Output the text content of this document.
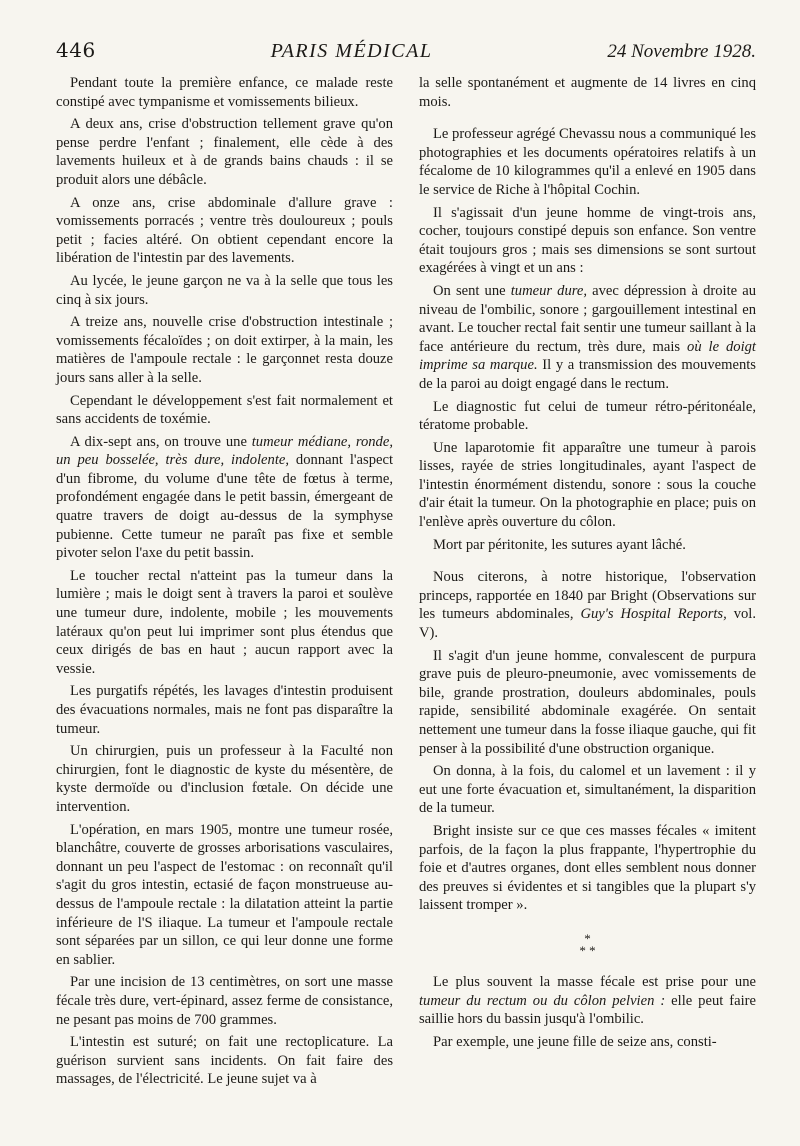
446	PARIS MÉDICAL	24 Novembre 1928.

Pendant toute la première enfance, ce malade reste constipé avec tympanisme et vomissements bilieux.

A deux ans, crise d'obstruction tellement grave qu'on pense perdre l'enfant ; finalement, elle cède à des lavements huileux et à de grands bains chauds : il se produit alors une débâcle.

A onze ans, crise abdominale d'allure grave : vomissements porracés ; ventre très douloureux ; pouls petit ; facies altéré. On obtient cependant encore la libération de l'intestin par des lavements.

Au lycée, le jeune garçon ne va à la selle que tous les cinq à six jours.

A treize ans, nouvelle crise d'obstruction intestinale ; vomissements fécaloïdes ; on doit extirper, à la main, les matières de l'ampoule rectale : le garçonnet resta douze jours sans aller à la selle.

Cependant le développement s'est fait normalement et sans accidents de toxémie.

A dix-sept ans, on trouve une tumeur médiane, ronde, un peu bosselée, très dure, indolente, donnant l'aspect d'un fibrome, du volume d'une tête de fœtus à terme, profondément engagée dans le petit bassin, émergeant de quatre travers de doigt au-dessus de la symphyse pubienne. Cette tumeur ne paraît pas fixe et semble pivoter selon l'axe du petit bassin.

Le toucher rectal n'atteint pas la tumeur dans la lumière ; mais le doigt sent à travers la paroi et soulève une tumeur dure, indolente, mobile ; les mouvements latéraux qu'on peut lui imprimer sont plus étendus que ceux dirigés de bas en haut ; aucun rapport avec la vessie.

Les purgatifs répétés, les lavages d'intestin produisent des évacuations normales, mais ne font pas disparaître la tumeur.

Un chirurgien, puis un professeur à la Faculté non chirurgien, font le diagnostic de kyste du mésentère, de kyste dermoïde ou d'inclusion fœtale. On décide une intervention.

L'opération, en mars 1905, montre une tumeur rosée, blanchâtre, couverte de grosses arborisations vasculaires, donnant un peu l'aspect de l'estomac : on reconnaît qu'il s'agit du gros intestin, ectasié de façon monstrueuse au-dessus de l'ampoule rectale : la dilatation atteint la partie inférieure de l'S iliaque. La tumeur et l'ampoule rectale sont séparées par un sillon, ce qui leur donne une forme en sablier.

Par une incision de 13 centimètres, on sort une masse fécale très dure, vert-épinard, assez ferme de consistance, ne pesant pas moins de 700 grammes.

L'intestin est suturé; on fait une rectoplicature. La guérison survient sans incidents. On fait faire des massages, de l'électricité. Le jeune sujet va à

la selle spontanément et augmente de 14 livres en cinq mois.

Le professeur agrégé Chevassu nous a communiqué les photographies et les documents opératoires relatifs à un fécalome de 10 kilogrammes qu'il a enlevé en 1905 dans le service de Riche à l'hôpital Cochin.

Il s'agissait d'un jeune homme de vingt-trois ans, cocher, toujours constipé depuis son enfance. Son ventre était toujours gros ; mais ses dimensions se sont surtout exagérées à vingt et un ans :

On sent une tumeur dure, avec dépression à droite au niveau de l'ombilic, sonore ; gargouillement intestinal en avant. Le toucher rectal fait sentir une tumeur saillant à la face antérieure du rectum, très dure, mais où le doigt imprime sa marque. Il y a transmission des mouvements de la paroi au doigt engagé dans le rectum.

Le diagnostic fut celui de tumeur rétro-péritonéale, tératome probable.

Une laparotomie fit apparaître une tumeur à parois lisses, rayée de stries longitudinales, ayant l'aspect de l'intestin énormément distendu, sonore : sous la couche d'air était la tumeur. On la photographie en place; puis on l'enlève après ouverture du côlon.

Mort par péritonite, les sutures ayant lâché.

Nous citerons, à notre historique, l'observation princeps, rapportée en 1840 par Bright (Observations sur les tumeurs abdominales, Guy's Hospital Reports, vol. V).

Il s'agit d'un jeune homme, convalescent de purpura grave puis de pleuro-pneumonie, avec vomissements de bile, grande prostration, douleurs abdominales, pouls rapide, sensibilité abdominale exagérée. On sentait nettement une tumeur dans la fosse iliaque gauche, qui fit penser à la possibilité d'une obstruction organique.

On donna, à la fois, du calomel et un lavement : il y eut une forte évacuation et, simultanément, la disparition de la tumeur.

Bright insiste sur ce que ces masses fécales « imitent parfois, de la façon la plus frappante, l'hypertrophie du foie et d'autres organes, dont elles semblent nous donner des preuves si évidentes et si tangibles que la plupart s'y laissent tromper ».

*
* *

Le plus souvent la masse fécale est prise pour une tumeur du rectum ou du côlon pelvien : elle peut faire saillie hors du bassin jusqu'à l'ombilic.

Par exemple, une jeune fille de seize ans, consti-
